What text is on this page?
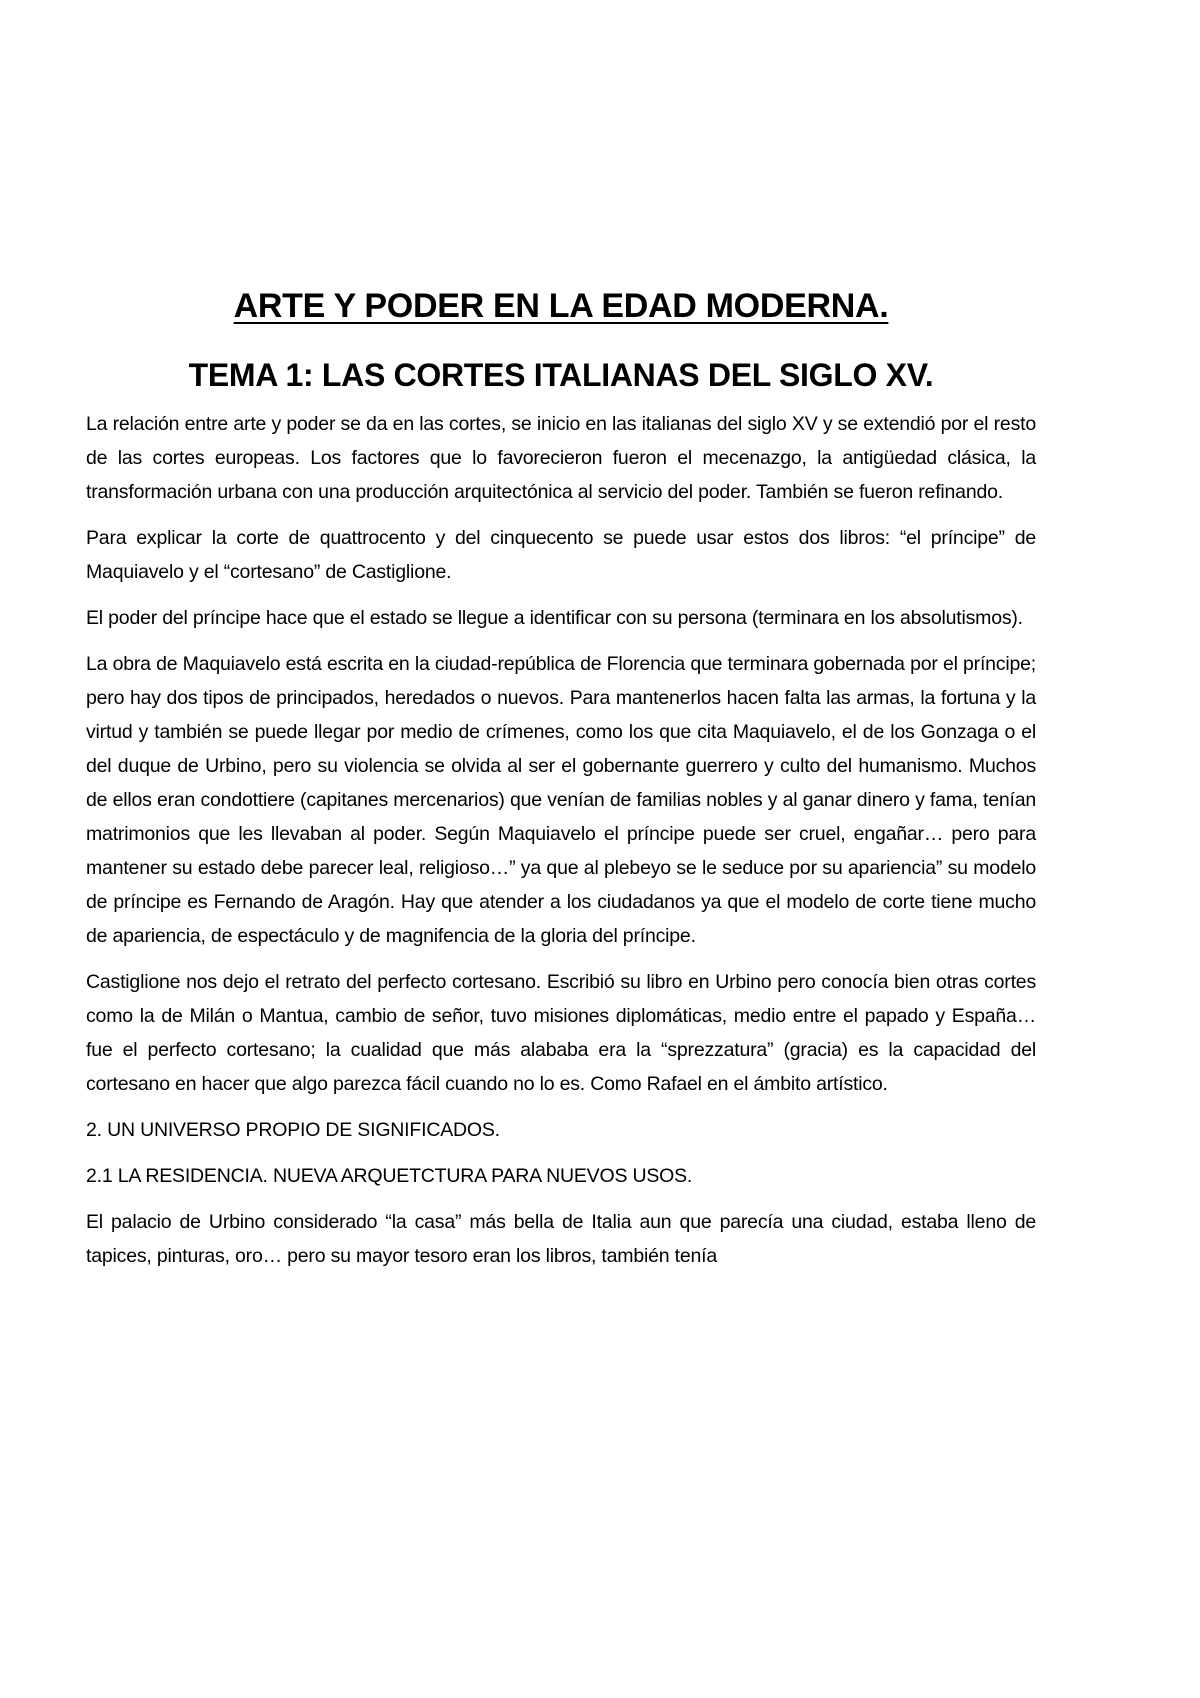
ARTE Y PODER EN LA EDAD MODERNA.
TEMA 1: LAS CORTES ITALIANAS DEL SIGLO XV.

La relación entre arte y poder se da en las cortes, se inicio en las italianas del siglo XV y se extendió por el resto de las cortes europeas. Los factores que lo favorecieron fueron el mecenazgo, la antigüedad clásica, la transformación urbana con una producción arquitectónica al servicio del poder. También se fueron refinando.

Para explicar la corte de quattrocento y del cinquecento se puede usar estos dos libros: “el príncipe” de Maquiavelo y el “cortesano” de Castiglione.

El poder del príncipe hace que el estado se llegue a identificar con su persona (terminara en los absolutismos).

La obra de Maquiavelo está escrita en la ciudad-república de Florencia que terminara gobernada por el príncipe; pero hay dos tipos de principados, heredados o nuevos. Para mantenerlos hacen falta las armas, la fortuna y la virtud y también se puede llegar por medio de crímenes, como los que cita Maquiavelo, el de los Gonzaga o el del duque de Urbino, pero su violencia se olvida al ser el gobernante guerrero y culto del humanismo. Muchos de ellos eran condottiere (capitanes mercenarios) que venían de familias nobles y al ganar dinero y fama, tenían matrimonios que les llevaban al poder. Según Maquiavelo el príncipe puede ser cruel, engañar… pero para mantener su estado debe parecer leal, religioso…” ya que al plebeyo se le seduce por su apariencia” su modelo de príncipe es Fernando de Aragón. Hay que atender a los ciudadanos ya que el modelo de corte tiene mucho de apariencia, de espectáculo y de magnifencia de la gloria del príncipe.

Castiglione nos dejo el retrato del perfecto cortesano. Escribió su libro en Urbino pero conocía bien otras cortes como la de Milán o Mantua, cambio de señor, tuvo misiones diplomáticas, medio entre el papado y España… fue el perfecto cortesano; la cualidad que más alababa era la “sprezzatura” (gracia) es la capacidad del cortesano en hacer que algo parezca fácil cuando no lo es. Como Rafael en el ámbito artístico.

2. UN UNIVERSO PROPIO DE SIGNIFICADOS.

2.1 LA RESIDENCIA. NUEVA ARQUETCTURA PARA NUEVOS USOS.

El palacio de Urbino considerado “la casa” más bella de Italia aun que parecía una ciudad, estaba lleno de tapices, pinturas, oro… pero su mayor tesoro eran los libros, también tenía
